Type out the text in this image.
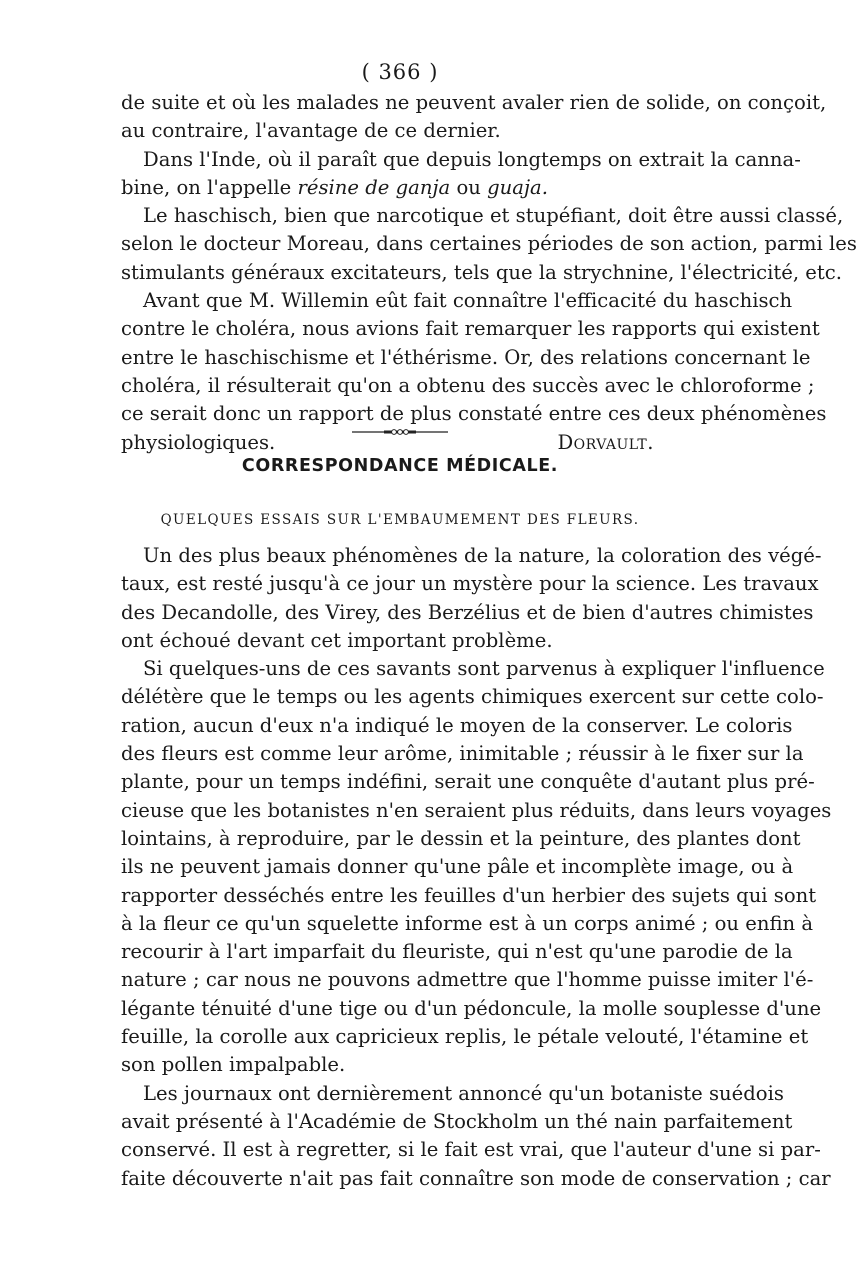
( 366 )
de suite et où les malades ne peuvent avaler rien de solide, on conçoit,
au contraire, l'avantage de ce dernier.
Dans l'Inde, où il paraît que depuis longtemps on extrait la canna-
bine, on l'appelle résine de ganja ou guaja.
Le haschisch, bien que narcotique et stupéfiant, doit être aussi classé,
selon le docteur Moreau, dans certaines périodes de son action, parmi les
stimulants généraux excitateurs, tels que la strychnine, l'électricité, etc.
Avant que M. Willemin eût fait connaître l'efficacité du haschisch
contre le choléra, nous avions fait remarquer les rapports qui existent
entre le haschischisme et l'éthérisme. Or, des relations concernant le
choléra, il résulterait qu'on a obtenu des succès avec le chloroforme ;
ce serait donc un rapport de plus constaté entre ces deux phénomènes
physiologiques.	Dorvault.
CORRESPONDANCE MÉDICALE.
QUELQUES ESSAIS SUR L'EMBAUMEMENT DES FLEURS.
Un des plus beaux phénomènes de la nature, la coloration des végé-
taux, est resté jusqu'à ce jour un mystère pour la science. Les travaux
des Decandolle, des Virey, des Berzélius et de bien d'autres chimistes
ont échoué devant cet important problème.
Si quelques-uns de ces savants sont parvenus à expliquer l'influence
délétère que le temps ou les agents chimiques exercent sur cette colo-
ration, aucun d'eux n'a indiqué le moyen de la conserver. Le coloris
des fleurs est comme leur arôme, inimitable ; réussir à le fixer sur la
plante, pour un temps indéfini, serait une conquête d'autant plus pré-
cieuse que les botanistes n'en seraient plus réduits, dans leurs voyages
lointains, à reproduire, par le dessin et la peinture, des plantes dont
ils ne peuvent jamais donner qu'une pâle et incomplète image, ou à
rapporter desséchés entre les feuilles d'un herbier des sujets qui sont
à la fleur ce qu'un squelette informe est à un corps animé ; ou enfin à
recourir à l'art imparfait du fleuriste, qui n'est qu'une parodie de la
nature ; car nous ne pouvons admettre que l'homme puisse imiter l'é-
légante ténuité d'une tige ou d'un pédoncule, la molle souplesse d'une
feuille, la corolle aux capricieux replis, le pétale velouté, l'étamine et
son pollen impalpable.
Les journaux ont dernièrement annoncé qu'un botaniste suédois
avait présenté à l'Académie de Stockholm un thé nain parfaitement
conservé. Il est à regretter, si le fait est vrai, que l'auteur d'une si par-
faite découverte n'ait pas fait connaître son mode de conservation ; car
